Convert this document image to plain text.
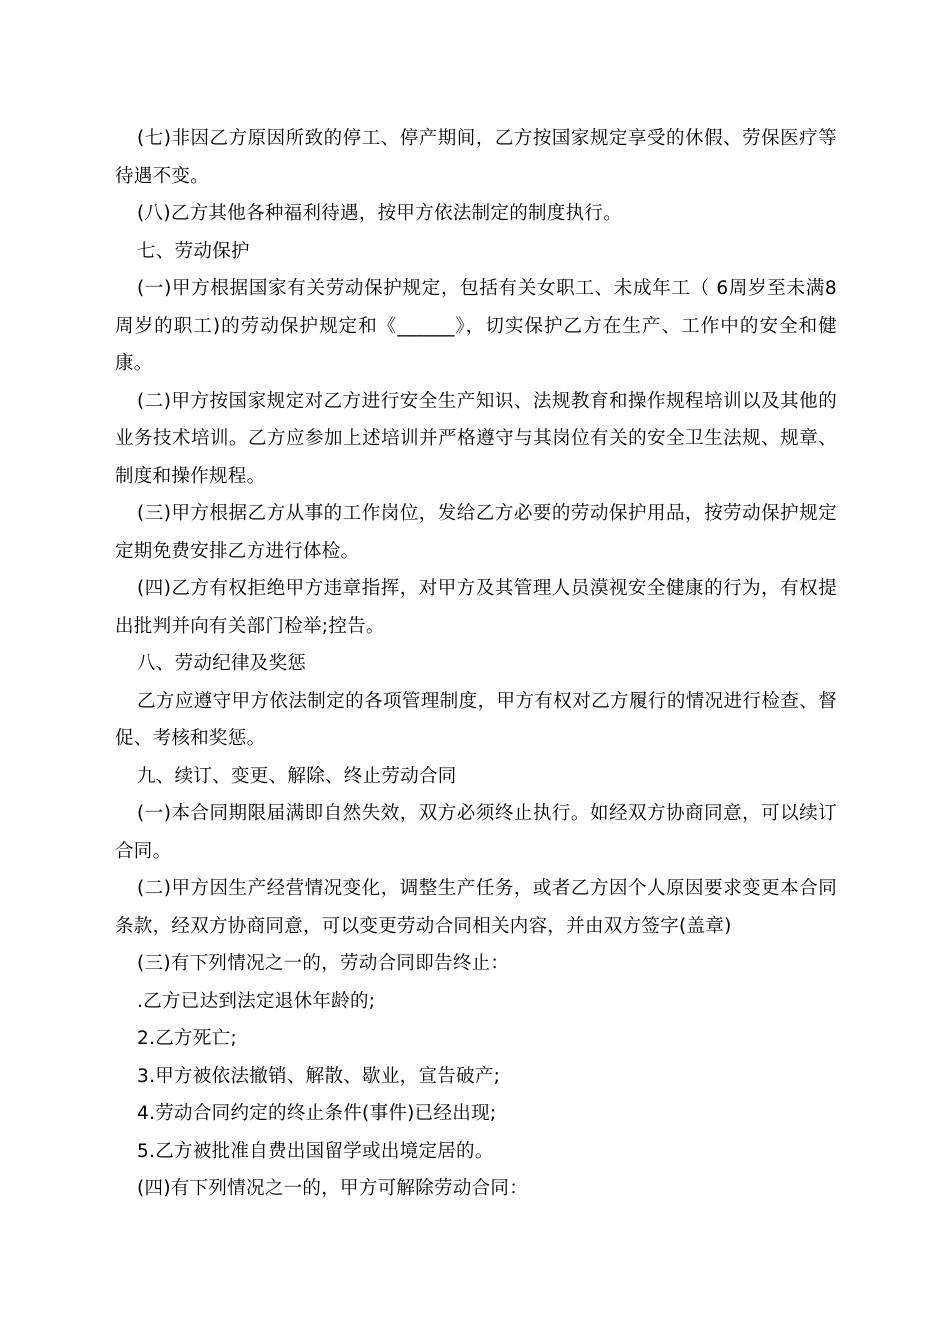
(七)非因乙方原因所致的停工、停产期间，乙方按国家规定享受的休假、劳保医疗等待遇不变。

(八)乙方其他各种福利待遇，按甲方依法制定的制度执行。

七、劳动保护

(一)甲方根据国家有关劳动保护规定，包括有关女职工、未成年工（ 6周岁至未满8周岁的职工)的劳动保护规定和《______》，切实保护乙方在生产、工作中的安全和健康。

(二)甲方按国家规定对乙方进行安全生产知识、法规教育和操作规程培训以及其他的业务技术培训。乙方应参加上述培训并严格遵守与其岗位有关的安全卫生法规、规章、制度和操作规程。

(三)甲方根据乙方从事的工作岗位，发给乙方必要的劳动保护用品，按劳动保护规定定期免费安排乙方进行体检。

(四)乙方有权拒绝甲方违章指挥，对甲方及其管理人员漠视安全健康的行为，有权提出批判并向有关部门检举;控告。

八、劳动纪律及奖惩

乙方应遵守甲方依法制定的各项管理制度，甲方有权对乙方履行的情况进行检查、督促、考核和奖惩。

九、续订、变更、解除、终止劳动合同

(一)本合同期限届满即自然失效，双方必须终止执行。如经双方协商同意，可以续订合同。

(二)甲方因生产经营情况变化，调整生产任务，或者乙方因个人原因要求变更本合同条款，经双方协商同意，可以变更劳动合同相关内容，并由双方签字(盖章)

(三)有下列情况之一的，劳动合同即告终止：

.乙方已达到法定退休年龄的;

2.乙方死亡;

3.甲方被依法撤销、解散、歇业，宣告破产;

4.劳动合同约定的终止条件(事件)已经出现;

5.乙方被批准自费出国留学或出境定居的。

(四)有下列情况之一的，甲方可解除劳动合同：
